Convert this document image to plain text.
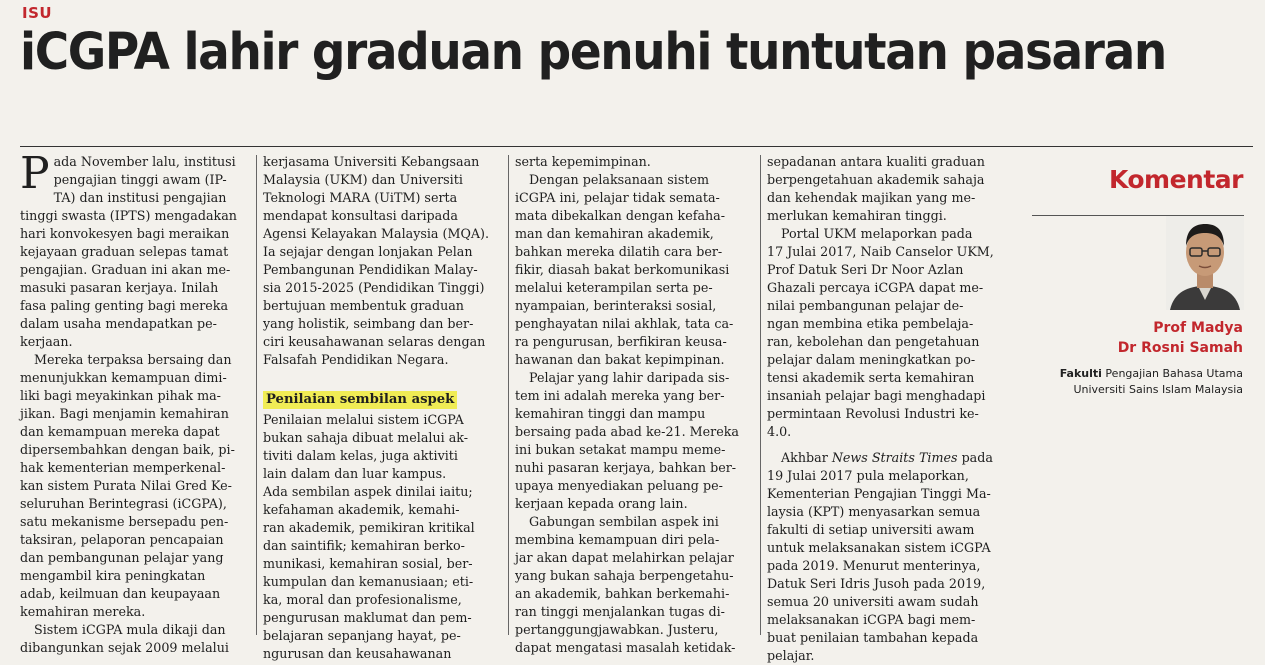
ISU
iCGPA lahir graduan penuhi tuntutan pasaran

Pada November lalu, institusi
pengajian tinggi awam (IP-
TA) dan institusi pengajian
tinggi swasta (IPTS) mengadakan
hari konvokesyen bagi meraikan
kejayaan graduan selepas tamat
pengajian. Graduan ini akan me-
masuki pasaran kerjaya. Inilah
fasa paling genting bagi mereka
dalam usaha mendapatkan pe-
kerjaan.

Mereka terpaksa bersaing dan
menunjukkan kemampuan dimi-
liki bagi meyakinkan pihak ma-
jikan. Bagi menjamin kemahiran
dan kemampuan mereka dapat
dipersembahkan dengan baik, pi-
hak kementerian memperkenal-
kan sistem Purata Nilai Gred Ke-
seluruhan Berintegrasi (iCGPA),
satu mekanisme bersepadu pen-
taksiran, pelaporan pencapaian
dan pembangunan pelajar yang
mengambil kira peningkatan
adab, keilmuan dan keupayaan
kemahiran mereka.

Sistem iCGPA mula dikaji dan
dibangunkan sejak 2009 melalui

kerjasama Universiti Kebangsaan
Malaysia (UKM) dan Universiti
Teknologi MARA (UiTM) serta
mendapat konsultasi daripada
Agensi Kelayakan Malaysia (MQA).
Ia sejajar dengan lonjakan Pelan
Pembangunan Pendidikan Malay-
sia 2015-2025 (Pendidikan Tinggi)
bertujuan membentuk graduan
yang holistik, seimbang dan ber-
ciri keusahawanan selaras dengan
Falsafah Pendidikan Negara.

Penilaian sembilan aspek

Penilaian melalui sistem iCGPA
bukan sahaja dibuat melalui ak-
tiviti dalam kelas, juga aktiviti
lain dalam dan luar kampus.
Ada sembilan aspek dinilai iaitu;
kefahaman akademik, kemahi-
ran akademik, pemikiran kritikal
dan saintifik; kemahiran berko-
munikasi, kemahiran sosial, ber-
kumpulan dan kemanusiaan; eti-
ka, moral dan profesionalisme,
pengurusan maklumat dan pem-
belajaran sepanjang hayat, pe-
ngurusan dan keusahawanan

serta kepemimpinan.

Dengan pelaksanaan sistem
iCGPA ini, pelajar tidak semata-
mata dibekalkan dengan kefaha-
man dan kemahiran akademik,
bahkan mereka dilatih cara ber-
fikir, diasah bakat berkomunikasi
melalui keterampilan serta pe-
nyampaian, berinteraksi sosial,
penghayatan nilai akhlak, tata ca-
ra pengurusan, berfikiran keusa-
hawanan dan bakat kepimpinan.

Pelajar yang lahir daripada sis-
tem ini adalah mereka yang ber-
kemahiran tinggi dan mampu
bersaing pada abad ke-21. Mereka
ini bukan setakat mampu meme-
nuhi pasaran kerjaya, bahkan ber-
upaya menyediakan peluang pe-
kerjaan kepada orang lain.

Gabungan sembilan aspek ini
membina kemampuan diri pela-
jar akan dapat melahirkan pelajar
yang bukan sahaja berpengetahu-
an akademik, bahkan berkemahi-
ran tinggi menjalankan tugas di-
pertanggungjawabkan. Justeru,
dapat mengatasi masalah ketidak-

sepadanan antara kualiti graduan
berpengetahuan akademik sahaja
dan kehendak majikan yang me-
merlukan kemahiran tinggi.

Portal UKM melaporkan pada
17 Julai 2017, Naib Canselor UKM,
Prof Datuk Seri Dr Noor Azlan
Ghazali percaya iCGPA dapat me-
nilai pembangunan pelajar de-
ngan membina etika pembelaja-
ran, kebolehan dan pengetahuan
pelajar dalam meningkatkan po-
tensi akademik serta kemahiran
insaniah pelajar bagi menghadapi
permintaan Revolusi Industri ke-
4.0.

Akhbar News Straits Times pada
19 Julai 2017 pula melaporkan,
Kementerian Pengajian Tinggi Ma-
laysia (KPT) menyasarkan semua
fakulti di setiap universiti awam
untuk melaksanakan sistem iCGPA
pada 2019. Menurut menterinya,
Datuk Seri Idris Jusoh pada 2019,
semua 20 universiti awam sudah
melaksanakan iCGPA bagi mem-
buat penilaian tambahan kepada
pelajar.

Komentar
Prof Madya
Dr Rosni Samah
Fakulti Pengajian Bahasa Utama
Universiti Sains Islam Malaysia
